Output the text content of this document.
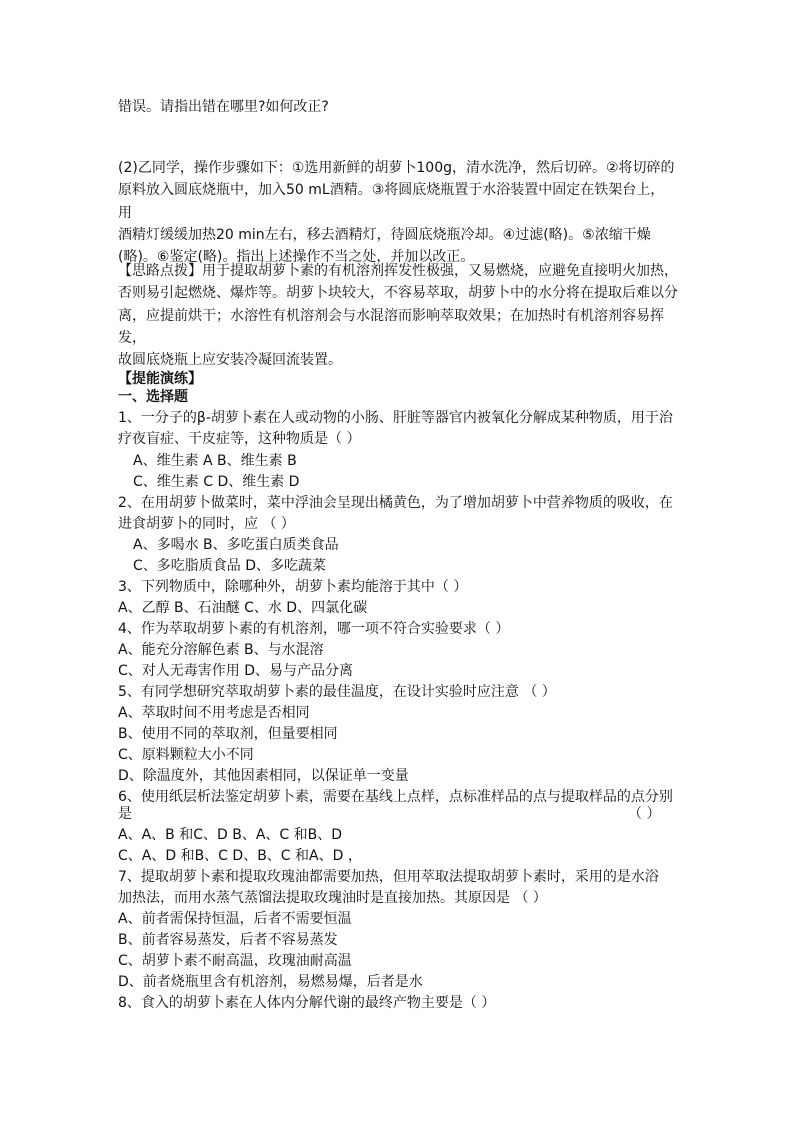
错误。请指出错在哪里?如何改正?
(2)乙同学，操作步骤如下：①选用新鲜的胡萝卜100g，清水洗净，然后切碎。②将切碎的
原料放入圆底烧瓶中，加入50 mL酒精。③将圆底烧瓶置于水浴装置中固定在铁架台上，用
酒精灯缓缓加热20 min左右，移去酒精灯，待圆底烧瓶冷却。④过滤(略)。⑤浓缩干燥
(略)。⑥鉴定(略)。指出上述操作不当之处，并加以改正。
【思路点拨】用于提取胡萝卜素的有机溶剂挥发性极强，又易燃烧，应避免直接明火加热，
否则易引起燃烧、爆炸等。胡萝卜块较大，不容易萃取，胡萝卜中的水分将在提取后难以分
离，应提前烘干；水溶性有机溶剂会与水混溶而影响萃取效果；在加热时有机溶剂容易挥发，
故圆底烧瓶上应安装冷凝回流装置。
【提能演练】
一、选择题
1、一分子的β-胡萝卜素在人或动物的小肠、肝脏等器官内被氧化分解成某种物质，用于治
疗夜盲症、干皮症等，这种物质是（ ）
A、维生素 A B、维生素 B
C、维生素 C D、维生素 D
2、在用胡萝卜做菜时，菜中浮油会呈现出橘黄色，为了增加胡萝卜中营养物质的吸收，在
进食胡萝卜的同时，应 （ ）
A、多喝水 B、多吃蛋白质类食品
C、多吃脂质食品 D、多吃蔬菜
3、下列物质中，除哪种外，胡萝卜素均能溶于其中（ ）
A、乙醇 B、石油醚 C、水 D、四氯化碳
4、作为萃取胡萝卜素的有机溶剂，哪一项不符合实验要求（ ）
A、能充分溶解色素 B、与水混溶
C、对人无毒害作用 D、易与产品分离
5、有同学想研究萃取胡萝卜素的最佳温度，在设计实验时应注意 （ ）
A、萃取时间不用考虑是否相同
B、使用不同的萃取剂，但量要相同
C、原料颗粒大小不同
D、除温度外，其他因素相同，以保证单一变量
6、使用纸层析法鉴定胡萝卜素，需要在基线上点样，点标准样品的点与提取样品的点分别
是	（ ）
A、A、B 和C、D B、A、C 和B、D
C、A、D 和B、C D、B、C 和A、D ，
7、提取胡萝卜素和提取玫瑰油都需要加热，但用萃取法提取胡萝卜素时，采用的是水浴
加热法，而用水蒸气蒸馏法提取玫瑰油时是直接加热。其原因是 （ ）
A、前者需保持恒温，后者不需要恒温
B、前者容易蒸发，后者不容易蒸发
C、胡萝卜素不耐高温，玫瑰油耐高温
D、前者烧瓶里含有机溶剂，易燃易爆，后者是水
8、食入的胡萝卜素在人体内分解代谢的最终产物主要是（ ）
